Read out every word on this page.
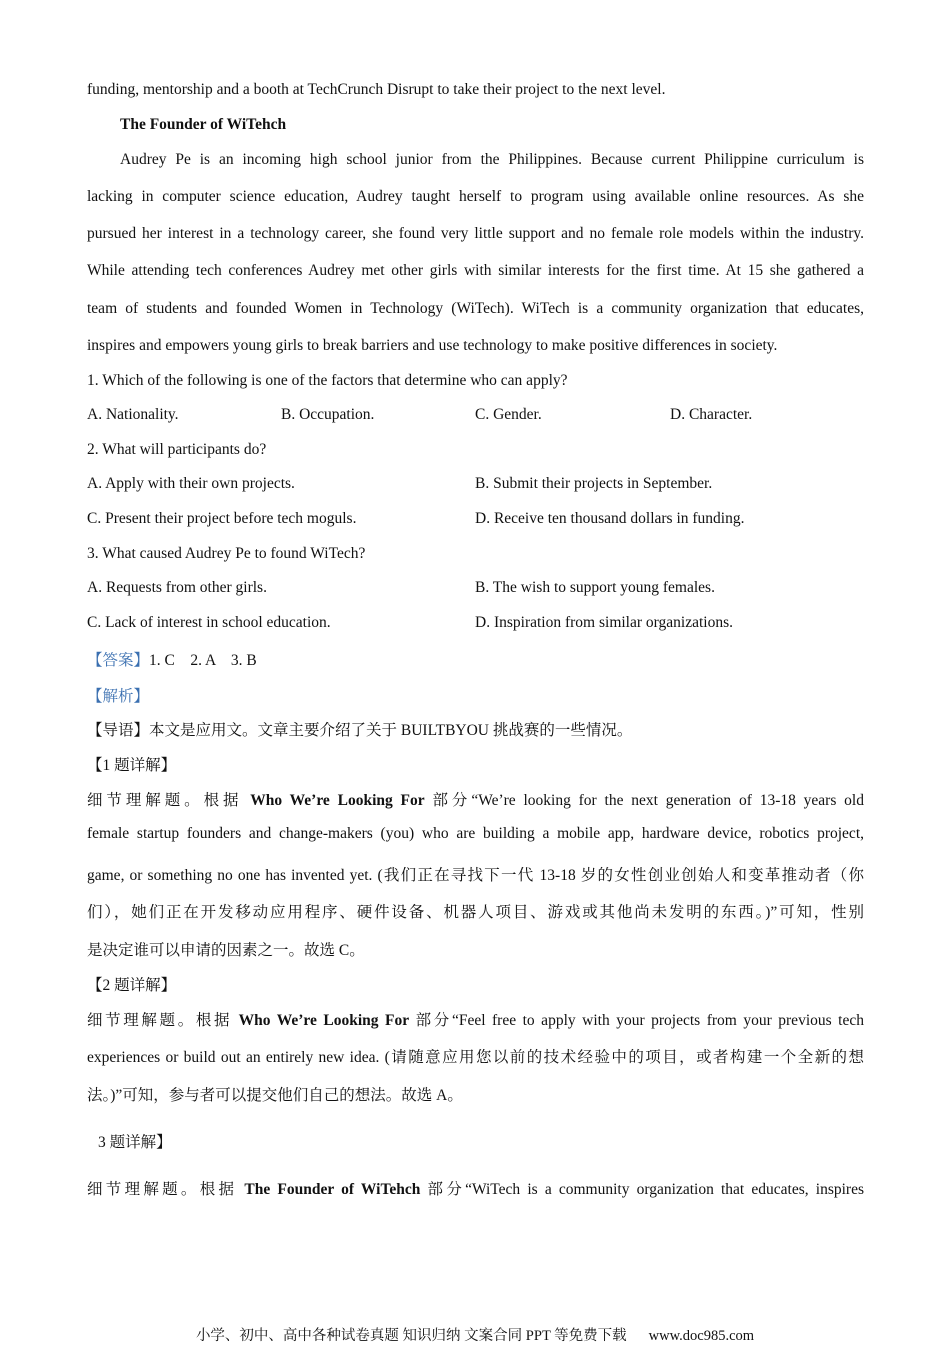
funding, mentorship and a booth at TechCrunch Disrupt to take their project to the next level.
The Founder of WiTehch
Audrey Pe is an incoming high school junior from the Philippines. Because current Philippine curriculum is
lacking in computer science education, Audrey taught herself to program using available online resources. As she
pursued her interest in a technology career, she found very little support and no female role models within the industry.
While attending tech conferences Audrey met other girls with similar interests for the first time. At 15 she gathered a
team of students and founded Women in Technology (WiTech). WiTech is a community organization that educates,
inspires and empowers young girls to break barriers and use technology to make positive differences in society.
1. Which of the following is one of the factors that determine who can apply?
A. Nationality.	B. Occupation.	C. Gender.	D. Character.
2. What will participants do?
A. Apply with their own projects.	B. Submit their projects in September.
C. Present their project before tech moguls.	D. Receive ten thousand dollars in funding.
3. What caused Audrey Pe to found WiTech?
A. Requests from other girls.	B. The wish to support young females.
C. Lack of interest in school education.	D. Inspiration from similar organizations.
【答案】1. C    2. A    3. B
【解析】
【导语】本文是应用文。文章主要介绍了关于 BUILTBYOU 挑战赛的一些情况。
【1 题详解】
细节理解题。根据 Who We’re Looking For 部分“We’re looking for the next generation of 13-18 years old
female startup founders and change-makers (you) who are building a mobile app, hardware device, robotics project,
game, or something no one has invented yet. (我们正在寻找下一代 13-18 岁的女性创业创始人和变革推动者（你
们），她们正在开发移动应用程序、硬件设备、机器人项目、游戏或其他尚未发明的东西。)”可知，性别
是决定谁可以申请的因素之一。故选 C。
【2 题详解】
细节理解题。根据 Who We’re Looking For 部分“Feel free to apply with your projects from your previous tech
experiences or build out an entirely new idea. (请随意应用您以前的技术经验中的项目，或者构建一个全新的想
法。)”可知，参与者可以提交他们自己的想法。故选 A。
3 题详解】
细节理解题。根据 The Founder of WiTehch 部分“WiTech is a community organization that educates, inspires
小学、初中、高中各种试卷真题 知识归纳 文案合同 PPT 等免费下载 www.doc985.com
